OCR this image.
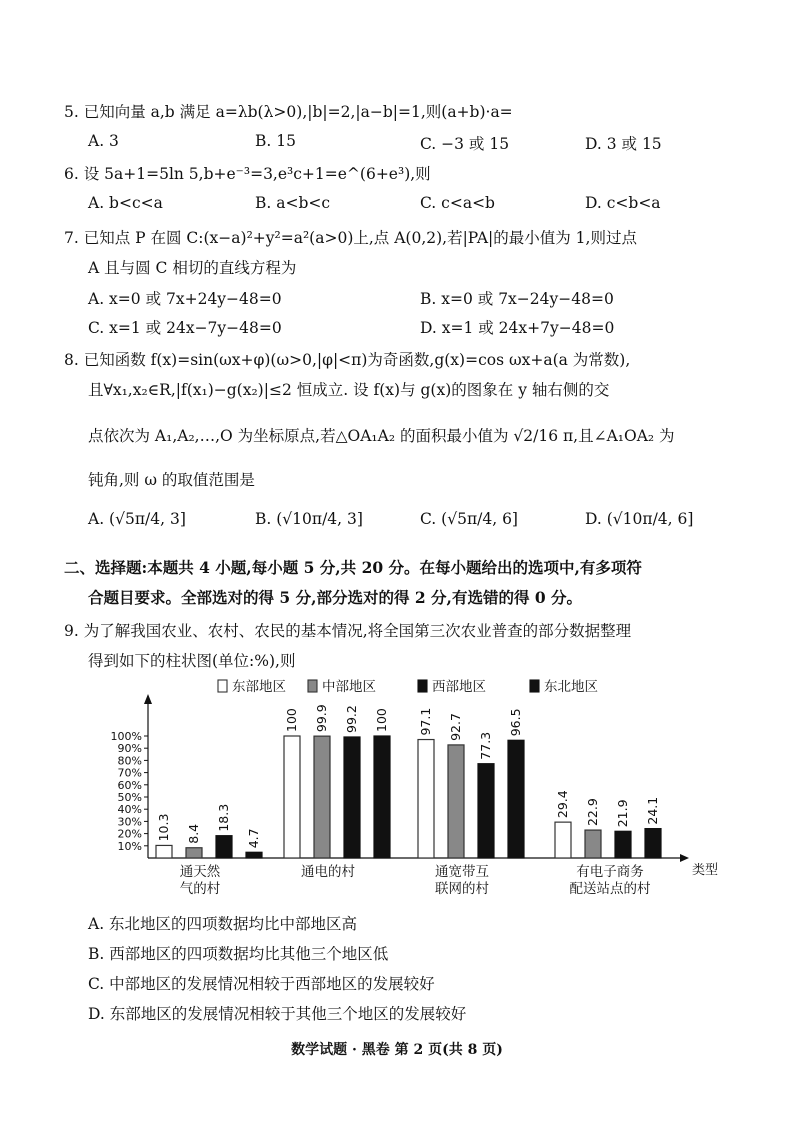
5. 已知向量 a,b 满足 a=λb(λ>0),|b|=2,|a−b|=1,则(a+b)·a=
A. 3	B. 15	C. −3 或 15	D. 3 或 15
6. 设 5a+1=5ln 5,b+e⁻³=3,e³c+1=e^(6+e³),则
A. b<c<a	B. a<b<c	C. c<a<b	D. c<b<a
7. 已知点 P 在圆 C:(x−a)²+y²=a²(a>0)上,点 A(0,2),若|PA|的最小值为 1,则过点
A 且与圆 C 相切的直线方程为
A. x=0 或 7x+24y−48=0	B. x=0 或 7x−24y−48=0
C. x=1 或 24x−7y−48=0	D. x=1 或 24x+7y−48=0
8. 已知函数 f(x)=sin(ωx+φ)(ω>0,|φ|<π)为奇函数,g(x)=cos ωx+a(a 为常数),
且∀x₁,x₂∈R,|f(x₁)−g(x₂)|≤2 恒成立. 设 f(x)与 g(x)的图象在 y 轴右侧的交
点依次为 A₁,A₂,…,O 为坐标原点,若△OA₁A₂ 的面积最小值为 √2/16 π,且∠A₁OA₂ 为
钝角,则 ω 的取值范围是
A. (√5π/4, 3]	B. (√10π/4, 3]	C. (√5π/4, 6]	D. (√10π/4, 6]
二、选择题:本题共 4 小题,每小题 5 分,共 20 分。在每小题给出的选项中,有多项符
合题目要求。全部选对的得 5 分,部分选对的得 2 分,有选错的得 0 分。
9. 为了解我国农业、农村、农民的基本情况,将全国第三次农业普查的部分数据整理
得到如下的柱状图(单位:%),则
东部地区	中部地区	西部地区	东北地区
10%
20%
30%
40%
50%
60%
70%
80%
90%
100%
类型
10.3
100	97.1
29.4
8.4
99.9	92.7
22.9
18.3
99.2
77.3
21.9
4.7
100	96.5
24.1
通天然
气的村
通电的村	通宽带互
联网的村
有电子商务
配送站点的村
A. 东北地区的四项数据均比中部地区高
B. 西部地区的四项数据均比其他三个地区低
C. 中部地区的发展情况相较于西部地区的发展较好
D. 东部地区的发展情况相较于其他三个地区的发展较好
数学试题 · 黑卷 第 2 页(共 8 页)
